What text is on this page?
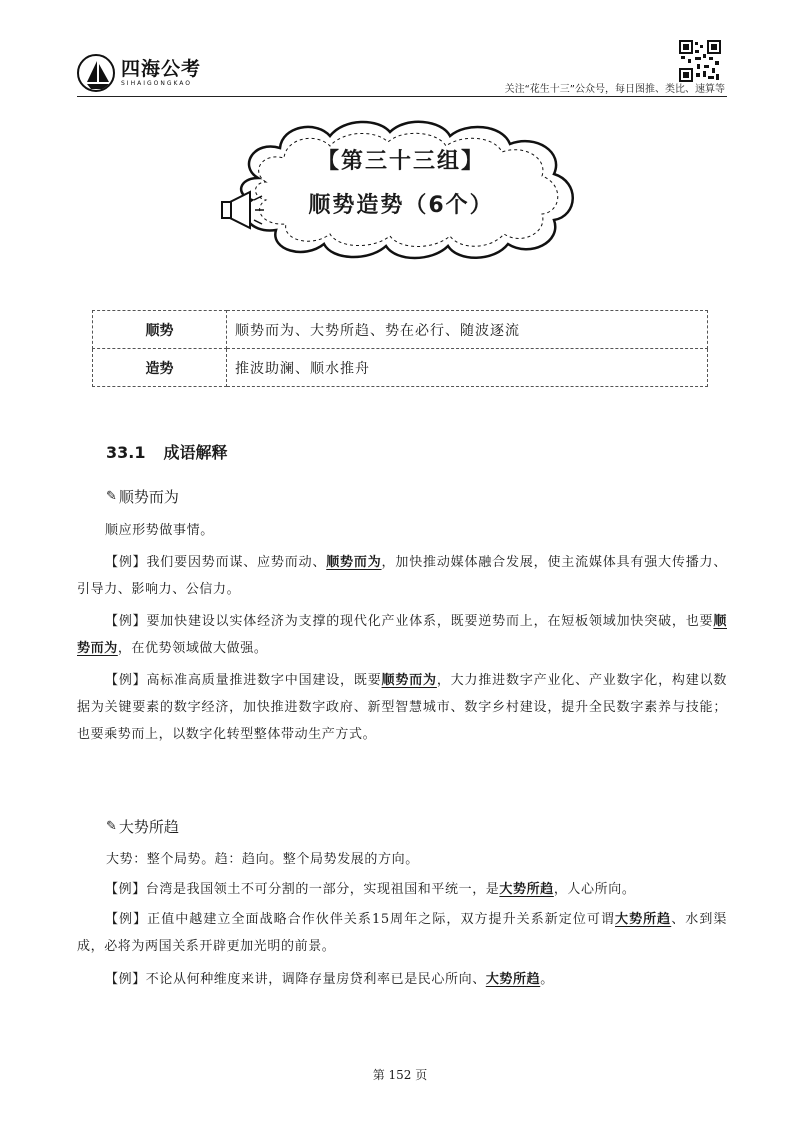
四海公考
SIHAIGONGKAO
关注“花生十三”公众号，每日图推、类比、速算等
【第三十三组】
顺势造势（6个）
顺势	顺势而为、大势所趋、势在必行、随波逐流
造势	推波助澜、顺水推舟
33.1 成语解释
✎ 顺势而为
顺应形势做事情。
【例】我们要因势而谋、应势而动、顺势而为，加快推动媒体融合发展，使主流媒体具有强大传播力、引导力、影响力、公信力。
【例】要加快建设以实体经济为支撑的现代化产业体系，既要逆势而上，在短板领域加快突破，也要顺势而为，在优势领域做大做强。
【例】高标准高质量推进数字中国建设，既要顺势而为，大力推进数字产业化、产业数字化，构建以数据为关键要素的数字经济，加快推进数字政府、新型智慧城市、数字乡村建设，提升全民数字素养与技能；也要乘势而上，以数字化转型整体带动生产方式。
✎ 大势所趋
大势：整个局势。趋：趋向。整个局势发展的方向。
【例】台湾是我国领土不可分割的一部分，实现祖国和平统一，是大势所趋，人心所向。
【例】正值中越建立全面战略合作伙伴关系15周年之际，双方提升关系新定位可谓大势所趋、水到渠成，必将为两国关系开辟更加光明的前景。
【例】不论从何种维度来讲，调降存量房贷利率已是民心所向、大势所趋。
第 152 页
